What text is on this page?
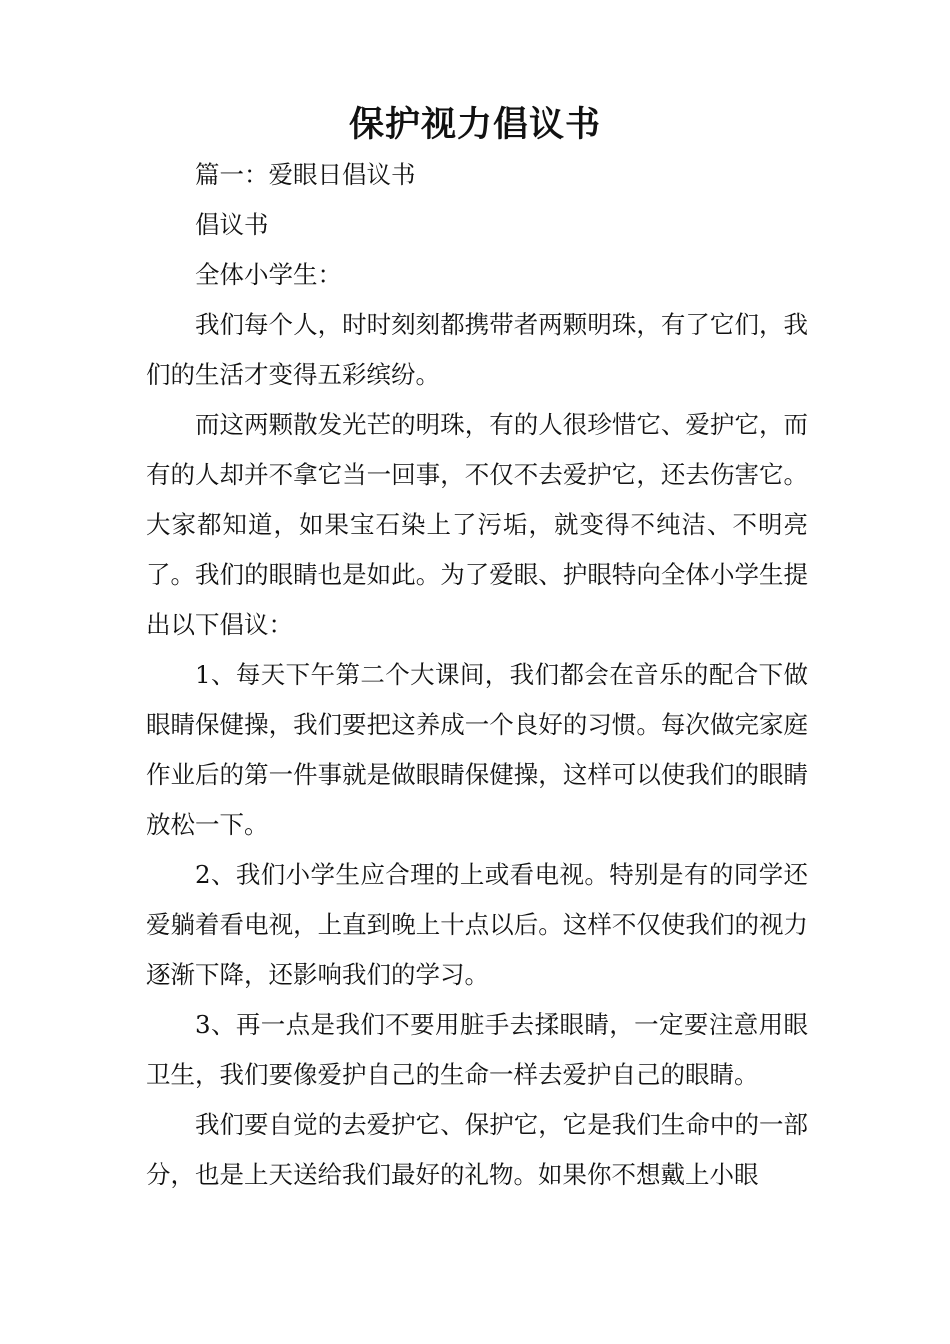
保护视力倡议书

篇一：爱眼日倡议书

倡议书

全体小学生：

我们每个人，时时刻刻都携带者两颗明珠，有了它们，我们的生活才变得五彩缤纷。

而这两颗散发光芒的明珠，有的人很珍惜它、爱护它，而有的人却并不拿它当一回事，不仅不去爱护它，还去伤害它。大家都知道，如果宝石染上了污垢，就变得不纯洁、不明亮了。我们的眼睛也是如此。为了爱眼、护眼特向全体小学生提出以下倡议：

1、每天下午第二个大课间，我们都会在音乐的配合下做眼睛保健操，我们要把这养成一个良好的习惯。每次做完家庭作业后的第一件事就是做眼睛保健操，这样可以使我们的眼睛放松一下。

2、我们小学生应合理的上或看电视。特别是有的同学还爱躺着看电视，上直到晚上十点以后。这样不仅使我们的视力逐渐下降，还影响我们的学习。

3、再一点是我们不要用脏手去揉眼睛，一定要注意用眼卫生，我们要像爱护自己的生命一样去爱护自己的眼睛。

我们要自觉的去爱护它、保护它，它是我们生命中的一部分，也是上天送给我们最好的礼物。如果你不想戴上小眼
